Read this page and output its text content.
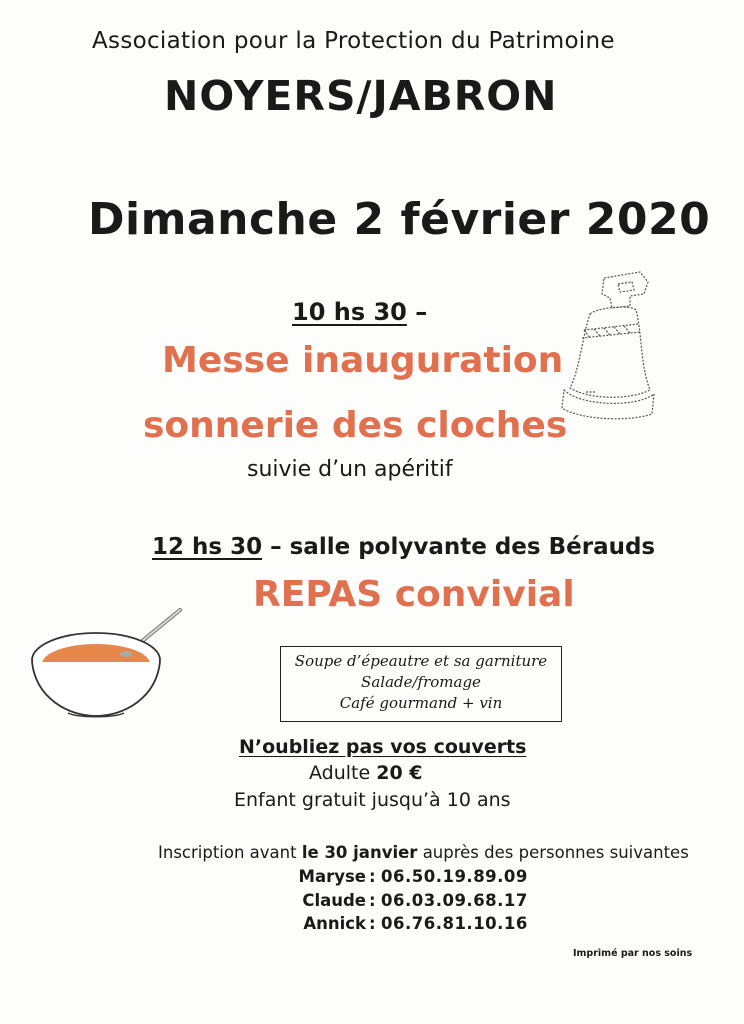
Association pour la Protection du Patrimoine
NOYERS/JABRON
Dimanche 2 février 2020
10 hs 30 –
Messe inauguration
sonnerie des cloches
suivie d’un apéritif
12 hs 30 – salle polyvante des Bérauds
REPAS convivial
Soupe d’épeautre et sa garniture
Salade/fromage
Café gourmand + vin
N’oubliez pas vos couverts
Adulte 20 €
Enfant gratuit jusqu’à 10 ans
Inscription avant le 30 janvier auprès des personnes suivantes
Maryse : 06.50.19.89.09
Claude : 06.03.09.68.17
Annick : 06.76.81.10.16
Imprimé par nos soins
